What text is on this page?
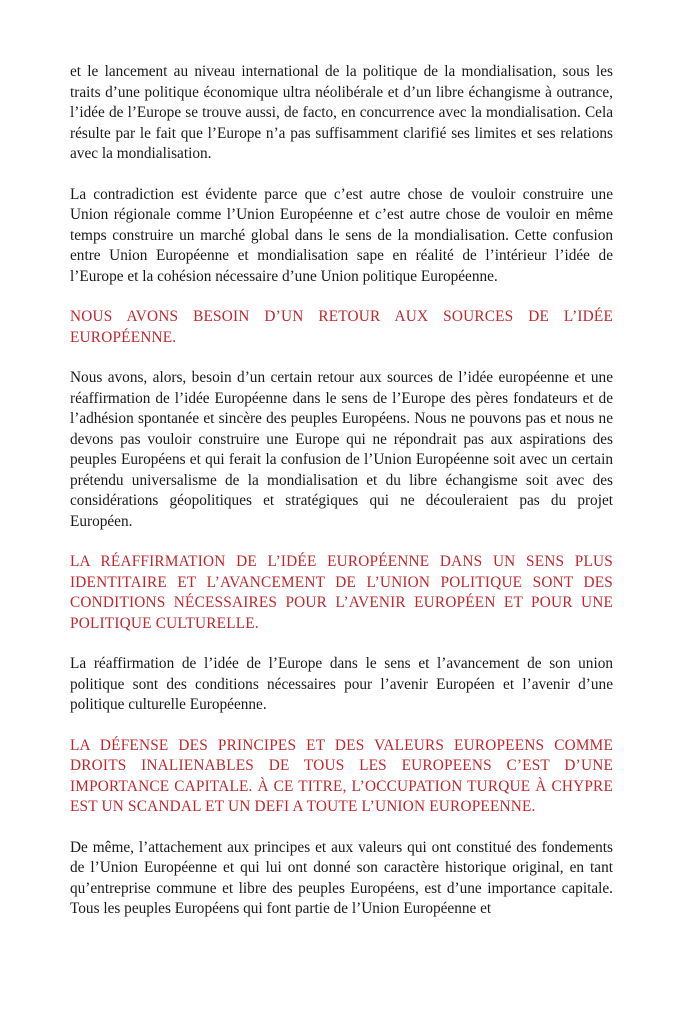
et le lancement au niveau international de la politique de la mondialisation, sous les traits d’une politique économique ultra néolibérale et d’un libre échangisme à outrance, l’idée de l’Europe se trouve aussi, de facto, en concurrence avec la mondialisation. Cela résulte par le fait que l’Europe n’a pas suffisamment clarifié ses limites et ses relations avec la mondialisation.

La contradiction est évidente parce que c’est autre chose de vouloir construire une Union régionale comme l’Union Européenne et c’est autre chose de vouloir en même temps construire un marché global dans le sens de la mondialisation. Cette confusion entre Union Européenne et mondialisation sape en réalité de l’intérieur l’idée de l’Europe et la cohésion nécessaire d’une Union politique Européenne.

NOUS AVONS BESOIN D’UN RETOUR AUX SOURCES DE L’IDÉE EUROPÉENNE.

Nous avons, alors, besoin d’un certain retour aux sources de l’idée européenne et une réaffirmation de l’idée Européenne dans le sens de l’Europe des pères fondateurs et de l’adhésion spontanée et sincère des peuples Européens. Nous ne pouvons pas et nous ne devons pas vouloir construire une Europe qui ne répondrait pas aux aspirations des peuples Européens et qui ferait la confusion de l’Union Européenne soit avec un certain prétendu universalisme de la mondialisation et du libre échangisme soit avec des considérations géopolitiques et stratégiques qui ne découleraient pas du projet Européen.

LA RÉAFFIRMATION DE L’IDÉE EUROPÉENNE DANS UN SENS PLUS IDENTITAIRE ET L’AVANCEMENT DE L’UNION POLITIQUE SONT DES CONDITIONS NÉCESSAIRES POUR L’AVENIR EUROPÉEN ET POUR UNE POLITIQUE CULTURELLE.

La réaffirmation de l’idée de l’Europe dans le sens et l’avancement de son union politique sont des conditions nécessaires pour l’avenir Européen et l’avenir d’une politique culturelle Européenne.

LA DÉFENSE DES PRINCIPES ET DES VALEURS EUROPEENS COMME DROITS INALIENABLES DE TOUS LES EUROPEENS C’EST D’UNE IMPORTANCE CAPITALE. À CE TITRE, L’OCCUPATION TURQUE À CHYPRE EST UN SCANDAL ET UN DEFI A TOUTE L’UNION EUROPEENNE.

De même, l’attachement aux principes et aux valeurs qui ont constitué des fondements de l’Union Européenne et qui lui ont donné son caractère historique original, en tant qu’entreprise commune et libre des peuples Européens, est d’une importance capitale. Tous les peuples Européens qui font partie de l’Union Européenne et
